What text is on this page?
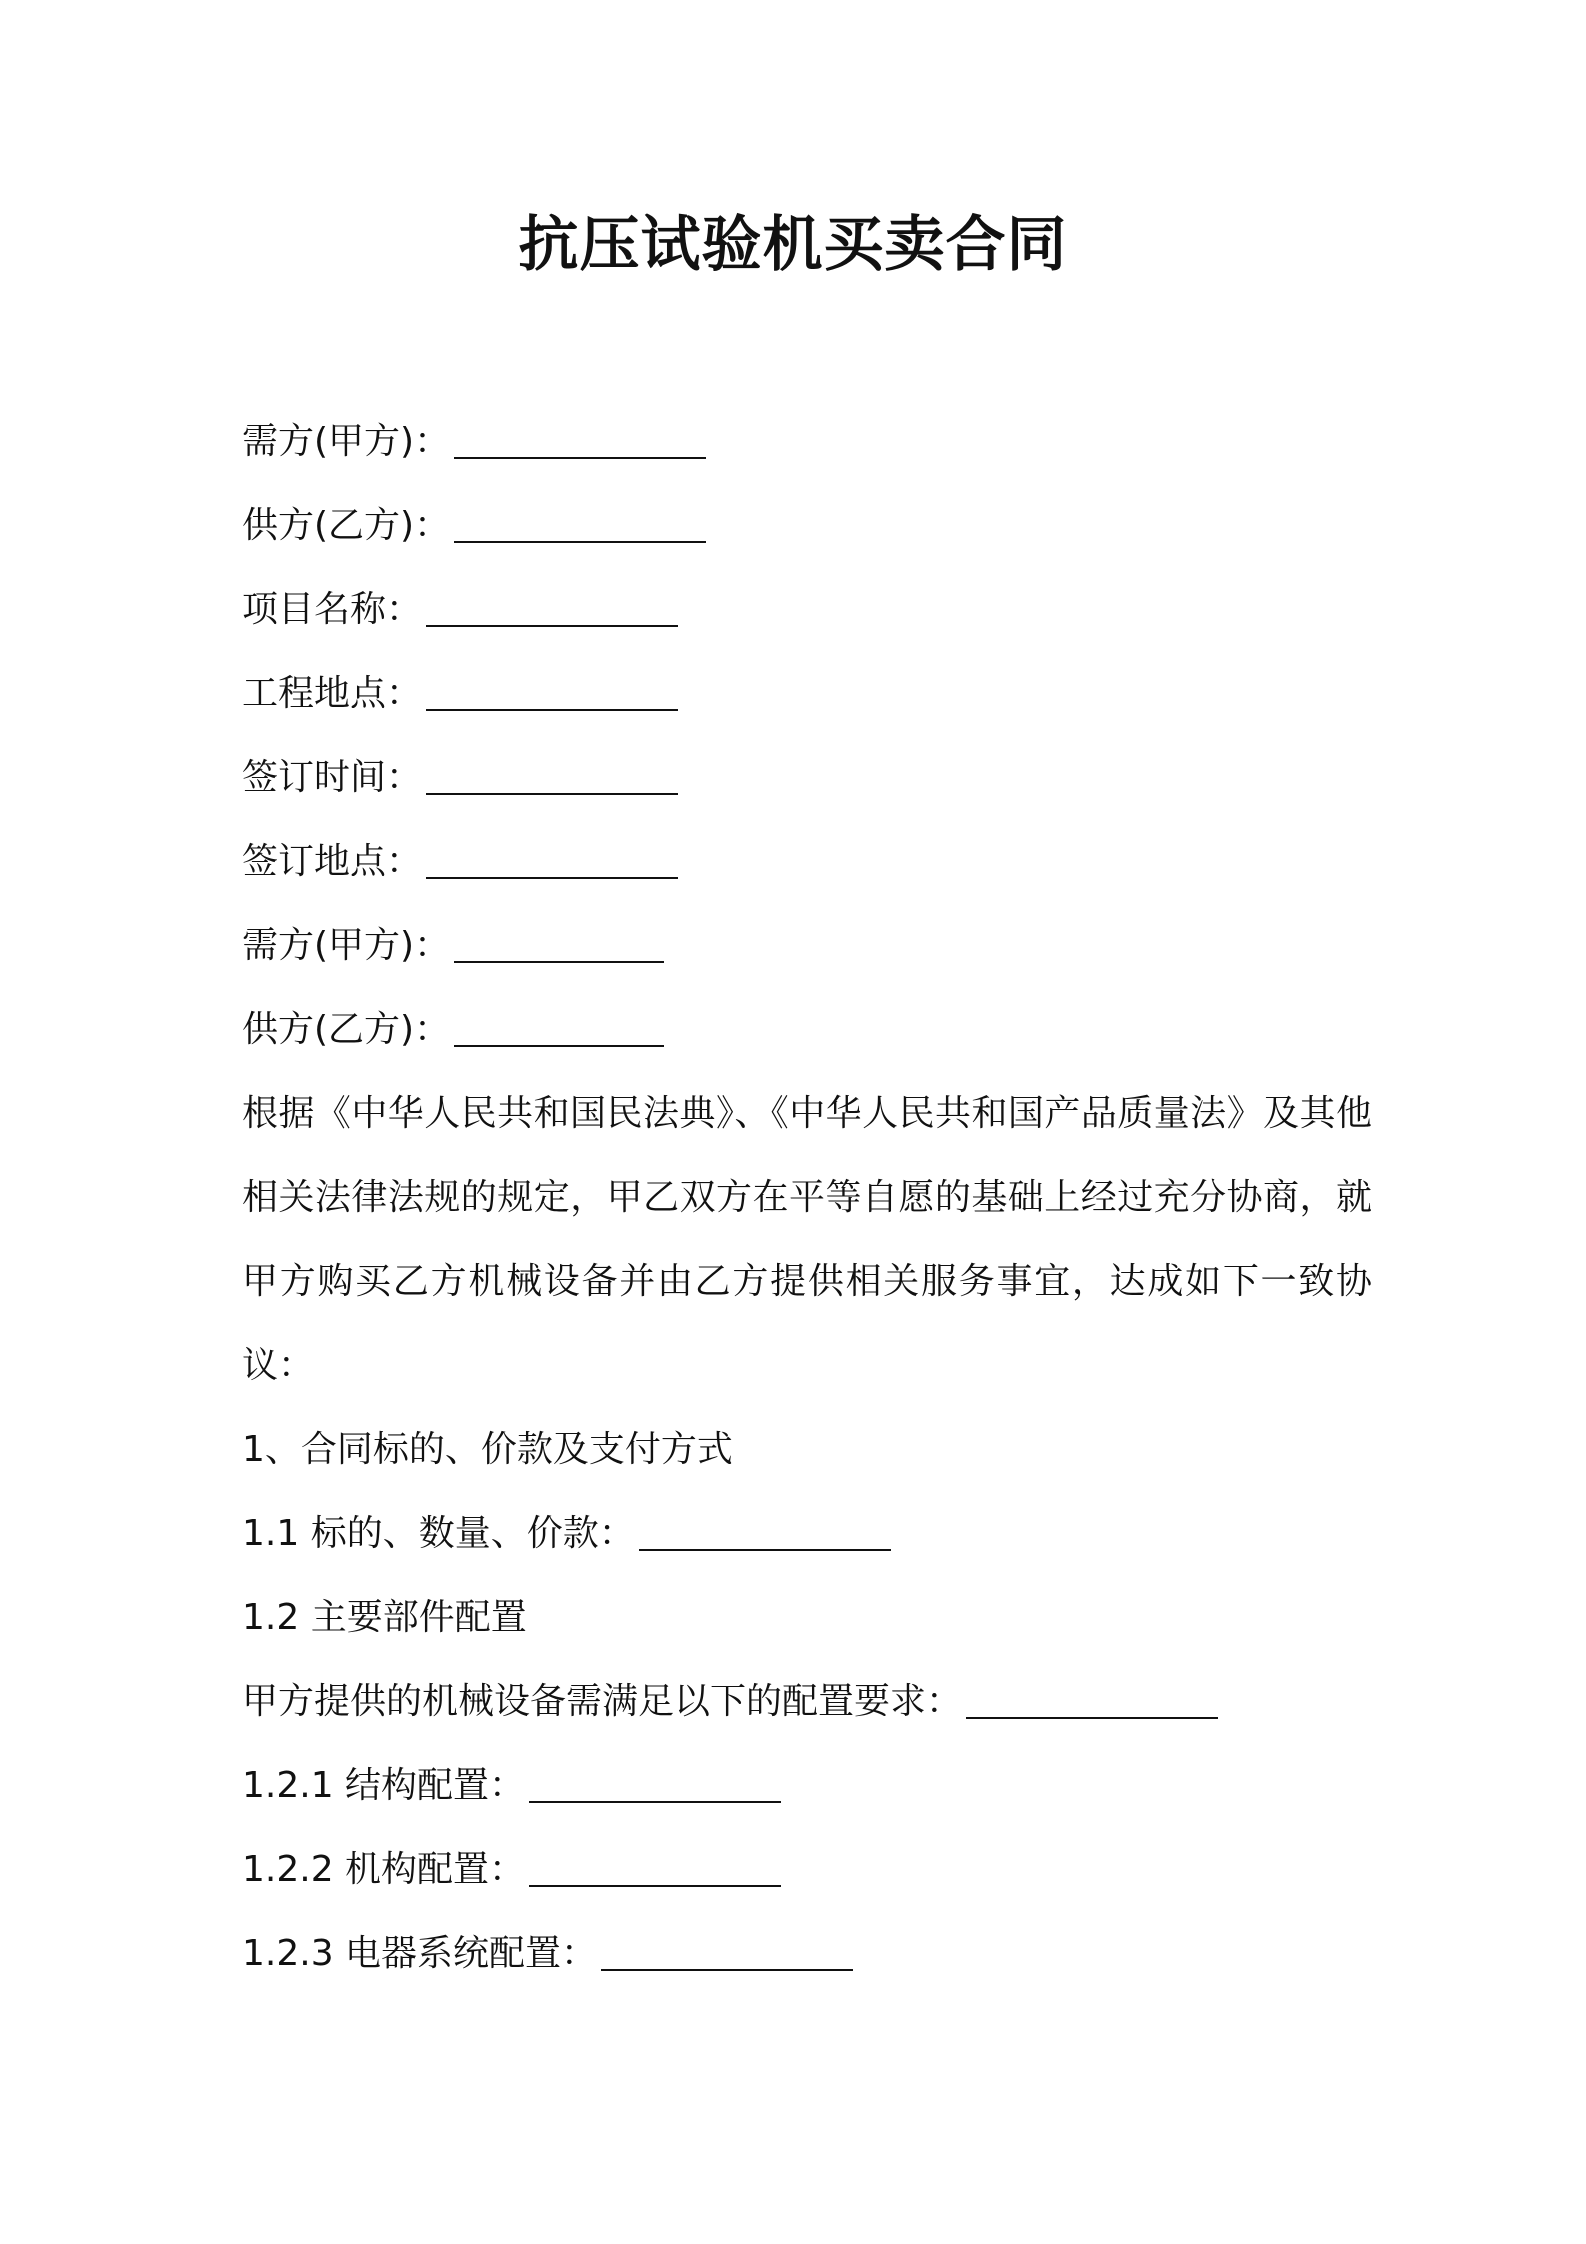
抗压试验机买卖合同
需方(甲方)：
供方(乙方)：
项目名称：
工程地点：
签订时间：
签订地点：
需方(甲方)：
供方(乙方)：

根据《中华人民共和国民法典》、《中华人民共和国产品质量法》及其他相关法律法规的规定，甲乙双方在平等自愿的基础上经过充分协商，就甲方购买乙方机械设备并由乙方提供相关服务事宜，达成如下一致协议：

1、合同标的、价款及支付方式
1.1 标的、数量、价款：
1.2 主要部件配置
甲方提供的机械设备需满足以下的配置要求：
1.2.1 结构配置：
1.2.2 机构配置：
1.2.3 电器系统配置：
